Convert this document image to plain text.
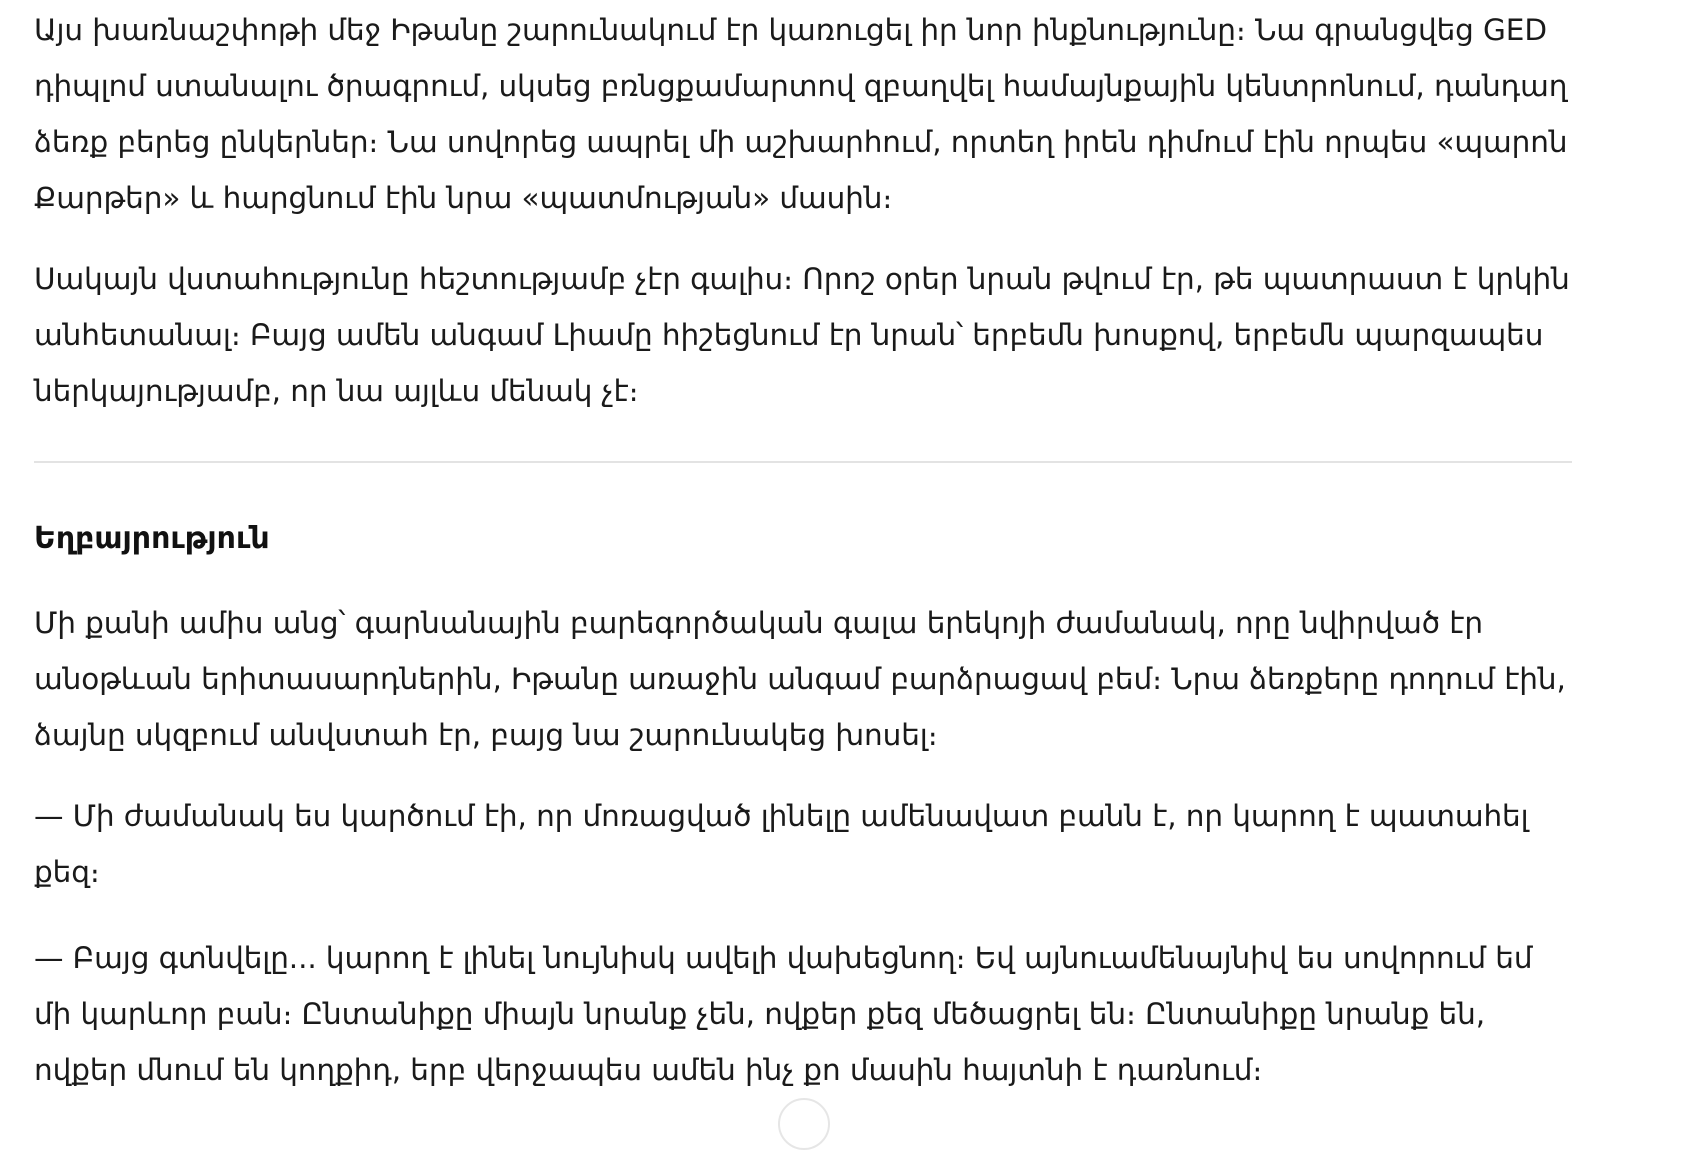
Այս խառնաշփոթի մեջ Իթանը շարունակում էր կառուցել իր նոր ինքնությունը։ Նա գրանցվեց GED դիպլոմ ստանալու ծրագրում, սկսեց բռնցքամարտով զբաղվել համայնքային կենտրոնում, դանդաղ ձեռք բերեց ընկերներ։ Նա սովորեց ապրել մի աշխարհում, որտեղ իրեն դիմում էին որպես «պարոն Քարթեր» և հարցնում էին նրա «պատմության» մասին։

Սակայն վստահությունը հեշտությամբ չէր գալիս։ Որոշ օրեր նրան թվում էր, թե պատրաստ է կրկին անհետանալ։ Բայց ամեն անգամ Լիամը հիշեցնում էր նրան՝ երբեմն խոսքով, երբեմն պարզապես ներկայությամբ, որ նա այլևս մենակ չէ։

Եղբայրություն

Մի քանի ամիս անց՝ գարնանային բարեգործական գալա երեկոյի ժամանակ, որը նվիրված էր անօթևան երիտասարդներին, Իթանը առաջին անգամ բարձրացավ բեմ։ Նրա ձեռքերը դողում էին, ձայնը սկզբում անվստահ էր, բայց նա շարունակեց խոսել։

— Մի ժամանակ ես կարծում էի, որ մոռացված լինելը ամենավատ բանն է, որ կարող է պատահել քեզ։

— Բայց գտնվելը... կարող է լինել նույնիսկ ավելի վախեցնող։ Եվ այնուամենայնիվ ես սովորում եմ մի կարևոր բան։ Ընտանիքը միայն նրանք չեն, ովքեր քեզ մեծացրել են։ Ընտանիքը նրանք են, ովքեր մնում են կողքիդ, երբ վերջապես ամեն ինչ քո մասին հայտնի է դառնում։
